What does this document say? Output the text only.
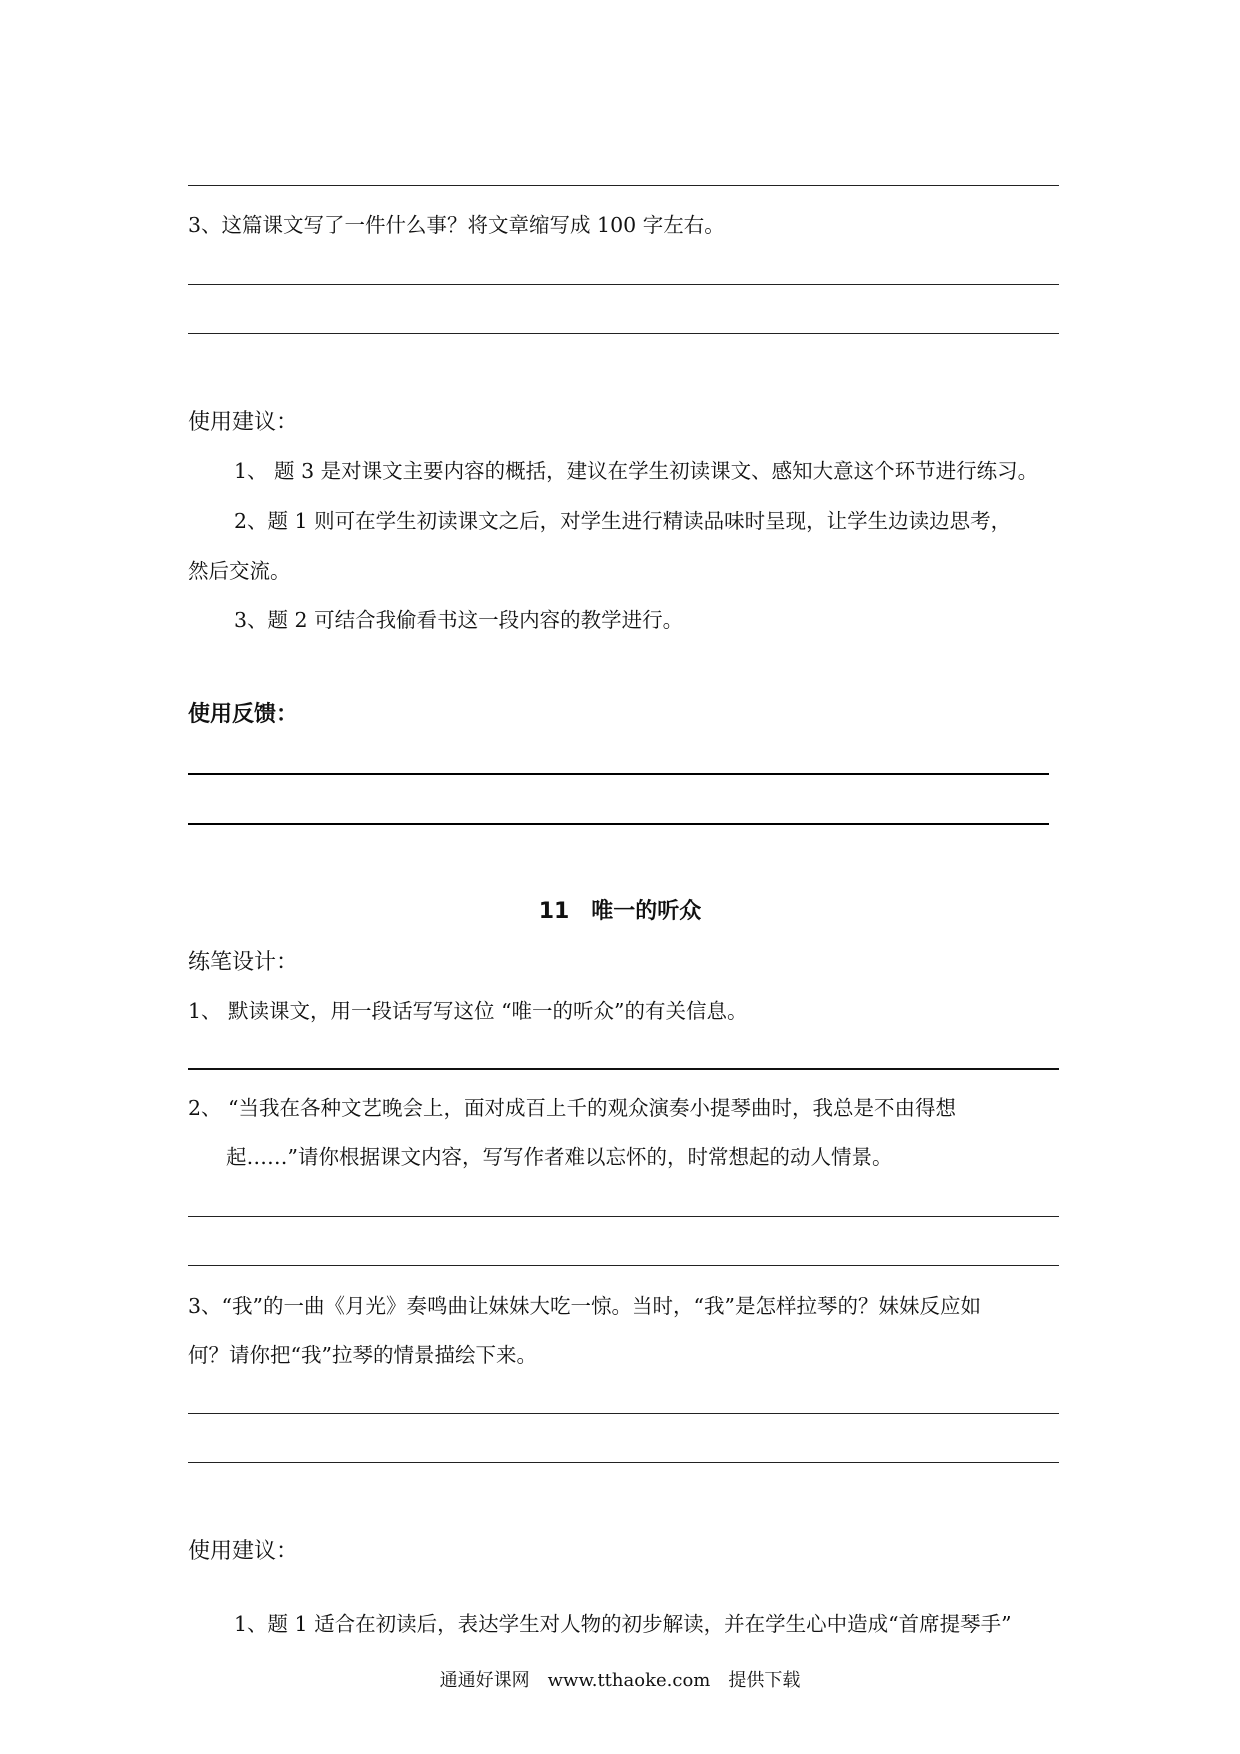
3、这篇课文写了一件什么事？将文章缩写成 100 字左右。
使用建议：
1、 题 3 是对课文主要内容的概括，建议在学生初读课文、感知大意这个环节进行练习。
2、题 1 则可在学生初读课文之后，对学生进行精读品味时呈现，让学生边读边思考，
然后交流。
3、题 2 可结合我偷看书这一段内容的教学进行。
使用反馈：
11　唯一的听众
练笔设计：
1、 默读课文，用一段话写写这位 “唯一的听众”的有关信息。
2、 “当我在各种文艺晚会上，面对成百上千的观众演奏小提琴曲时，我总是不由得想
起……”请你根据课文内容，写写作者难以忘怀的，时常想起的动人情景。
3、“我”的一曲《月光》奏鸣曲让妹妹大吃一惊。当时，“我”是怎样拉琴的？妹妹反应如
何？请你把“我”拉琴的情景描绘下来。
使用建议：
1、题 1 适合在初读后，表达学生对人物的初步解读，并在学生心中造成“首席提琴手”
通通好课网　www.tthaoke.com　提供下载
